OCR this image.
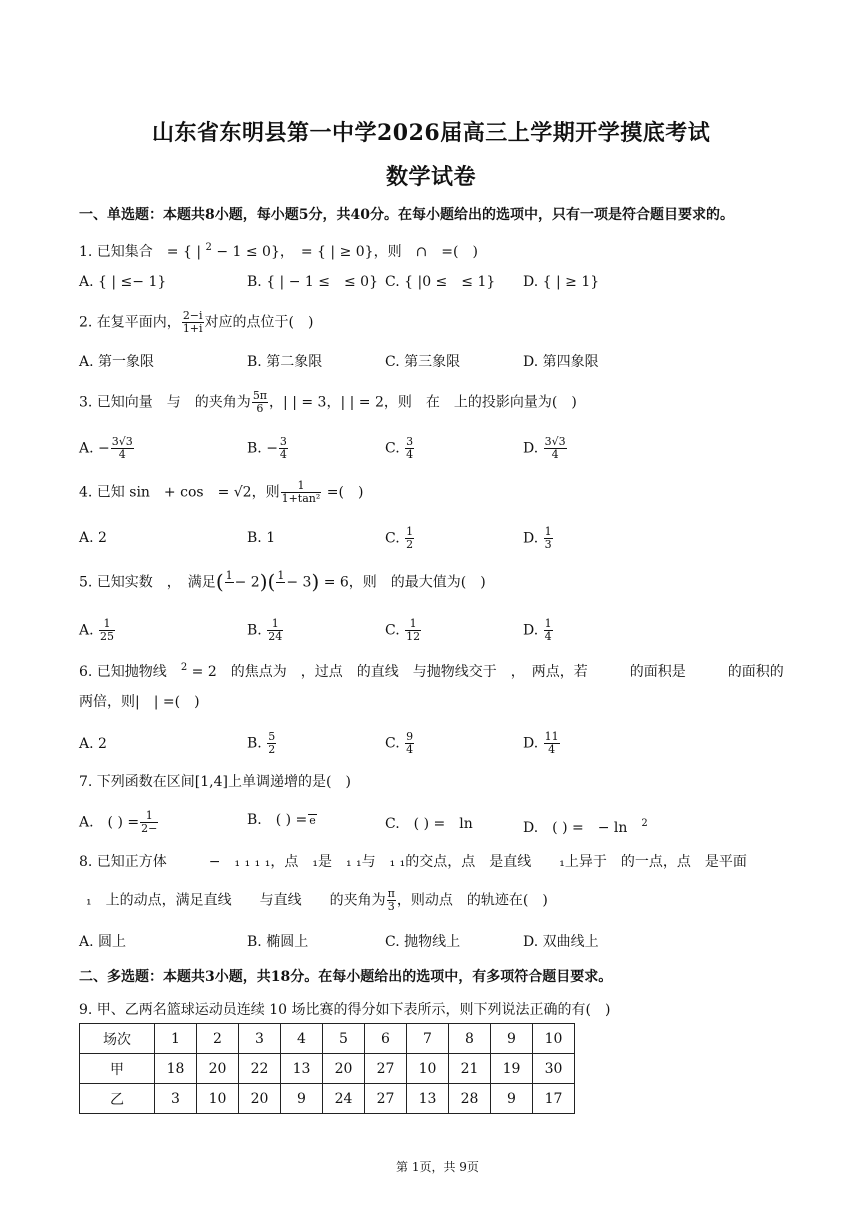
山东省东明县第一中学2026届高三上学期开学摸底考试
数学试卷
一、单选题：本题共8小题，每小题5分，共40分。在每小题给出的选项中，只有一项是符合题目要求的。
1. 已知集合　= { | $^2$ − 1 ≤ 0}，　= { | ≥ 0}，则　∩　=(　)
A. { | ≤− 1}	B. { | − 1 ≤　≤ 0} C. { |0 ≤　≤ 1} D. { | ≥ 1}
2. 在复平面内， $\frac{2-i}{1+i}$ 对应的点位于(　)
A. 第一象限	B. 第二象限	C. 第三象限	D. 第四象限
3. 已知向量　与　的夹角为 $\frac{5\pi}{6}$ ，| | = 3，| | = 2，则　在　上的投影向量为(　)
A. − $\frac{3√3}{4}$	B. − $\frac{3}{4}$	C. $\frac{3}{4}$	D. $\frac{3√3}{4}$
4. 已知 sin　+ cos　= √2，则 $\frac{1}{\text{1+tan²}}$ =(　)
A. 2	B. 1	C. $\frac{1}{2}$	D. $\frac{1}{3}$
5. 已知实数　，　满足( 1
− 2)( 1
− 3) = 6，则　的最大值为(　)
A. $\frac{1}{25}$	B. $\frac{1}{24}$	C. $\frac{1}{12}$	D. $\frac{1}{4}$
6. 已知抛物线　$^2$ = 2　的焦点为　，过点　的直线　与抛物线交于　，　两点，若　　　的面积是　　　的面积的
两倍，则|　| =(　)
A. 2	B. $\frac{5}{2}$	C. $\frac{9}{4}$	D. $\frac{11}{4}$
7. 下列函数在区间[1,4]上单调递增的是(　)
A.　( ) = $\frac{1}{2-}$	B.　( ) = e	C.　( ) =　ln	D.　( ) =　− ln　$^2$
8. 已知正方体　　　−　₁ ₁ ₁ ₁，点　₁是　₁ ₁与　₁ ₁的交点，点　是直线　　₁上异于　的一点，点　是平面
₁　上的动点，满足直线　　与直线　　的夹角为 $\frac{\pi}{3}$ ，则动点　的轨迹在(　)
A. 圆上	B. 椭圆上	C. 抛物线上	D. 双曲线上
二、多选题：本题共3小题，共18分。在每小题给出的选项中，有多项符合题目要求。
9. 甲、乙两名篮球运动员连续 10 场比赛的得分如下表所示，则下列说法正确的有(　)
场次	1	2	3	4	5	6	7	8	9	10
甲	18	20	22	13	20	27	10	21	19	30
乙	3	10	20	9	24	27	13	28	9	17
第 1页，共 9页
